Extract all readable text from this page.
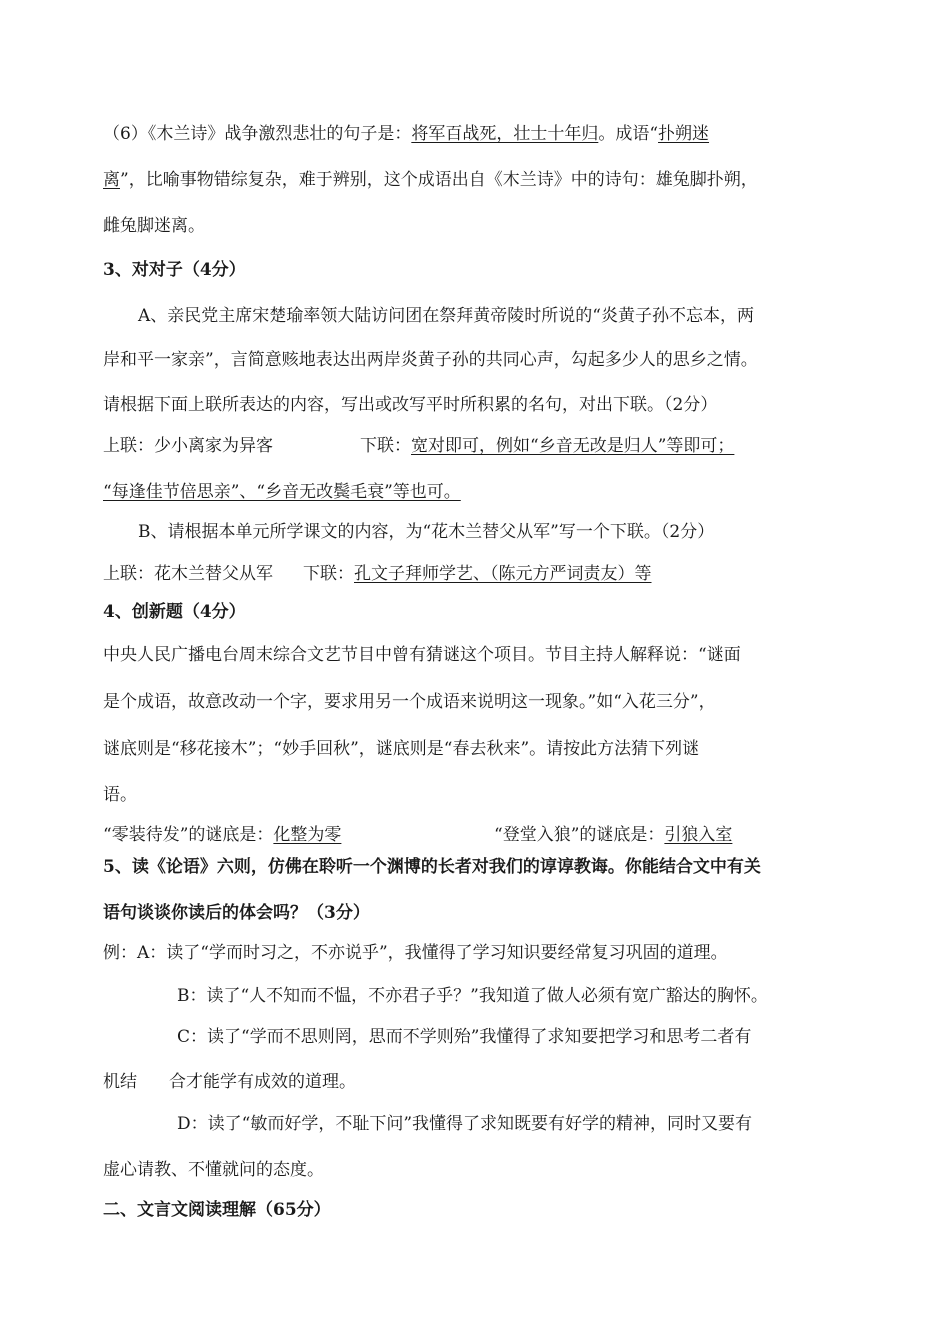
（6）《木兰诗》战争激烈悲壮的句子是：将军百战死，壮士十年归。成语“扑朔迷
离”，比喻事物错综复杂，难于辨别，这个成语出自《木兰诗》中的诗句：雄兔脚扑朔，
雌兔脚迷离。
3、对对子（4分）
A、亲民党主席宋楚瑜率领大陆访问团在祭拜黄帝陵时所说的“炎黄子孙不忘本，两
岸和平一家亲”，言简意赅地表达出两岸炎黄子孙的共同心声，勾起多少人的思乡之情。
请根据下面上联所表达的内容，写出或改写平时所积累的名句，对出下联。（2分）
上联：少小离家为异客	下联：宽对即可，例如“乡音无改是归人”等即可；
“每逢佳节倍思亲”、“乡音无改鬓毛衰”等也可。
B、请根据本单元所学课文的内容，为“花木兰替父从军”写一个下联。（2分）
上联：花木兰替父从军 下联：孔文子拜师学艺、（陈元方严词责友）等
4、创新题（4分）
中央人民广播电台周末综合文艺节目中曾有猜谜这个项目。节目主持人解释说：“谜面
是个成语，故意改动一个字，要求用另一个成语来说明这一现象。”如“入花三分”，
谜底则是“移花接木”；“妙手回秋”，谜底则是“春去秋来”。请按此方法猜下列谜
语。
“零装待发”的谜底是：化整为零	“登堂入狼”的谜底是：引狼入室
5、读《论语》六则，仿佛在聆听一个渊博的长者对我们的谆谆教诲。你能结合文中有关
语句谈谈你读后的体会吗？（3分）
例：A：读了“学而时习之，不亦说乎”，我懂得了学习知识要经常复习巩固的道理。
B：读了“人不知而不愠，不亦君子乎？”我知道了做人必须有宽广豁达的胸怀。
C：读了“学而不思则罔，思而不学则殆”我懂得了求知要把学习和思考二者有
机结 合才能学有成效的道理。
D：读了“敏而好学，不耻下问”我懂得了求知既要有好学的精神，同时又要有
虚心请教、不懂就问的态度。
二、文言文阅读理解（65分）
